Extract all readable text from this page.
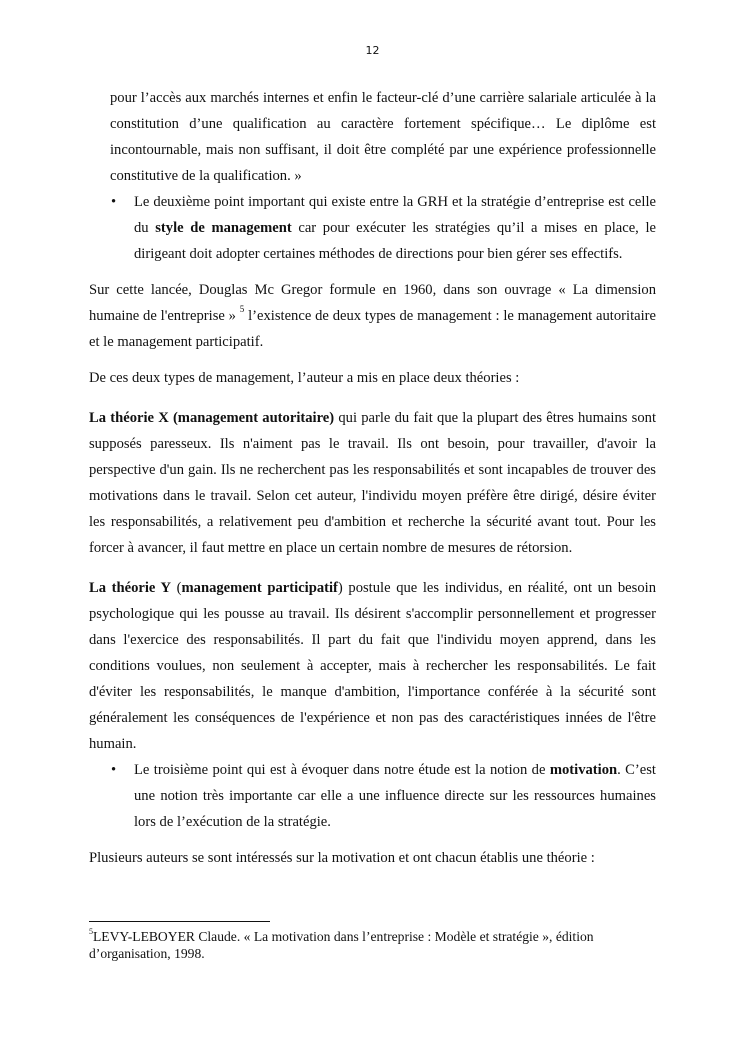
12

pour l’accès aux marchés internes et enfin le facteur-clé d’une carrière salariale articulée à la constitution d’une qualification au caractère fortement spécifique… Le diplôme est incontournable, mais non suffisant, il doit être complété par une expérience professionnelle constitutive de la qualification. »

• Le deuxième point important qui existe entre la GRH et la stratégie d’entreprise est celle du style de management car pour exécuter les stratégies qu’il a mises en place, le dirigeant doit adopter certaines méthodes de directions pour bien gérer ses effectifs.

Sur cette lancée, Douglas Mc Gregor formule en 1960, dans son ouvrage « La dimension humaine de l'entreprise » $^5$ l’existence de deux types de management : le management autoritaire et le management participatif.

De ces deux types de management, l’auteur a mis en place deux théories :

La théorie X (management autoritaire) qui parle du fait que la plupart des êtres humains sont supposés paresseux. Ils n'aiment pas le travail. Ils ont besoin, pour travailler, d'avoir la perspective d'un gain. Ils ne recherchent pas les responsabilités et sont incapables de trouver des motivations dans le travail. Selon cet auteur, l'individu moyen préfère être dirigé, désire éviter les responsabilités, a relativement peu d'ambition et recherche la sécurité avant tout. Pour les forcer à avancer, il faut mettre en place un certain nombre de mesures de rétorsion.

La théorie Y (management participatif) postule que les individus, en réalité, ont un besoin psychologique qui les pousse au travail. Ils désirent s'accomplir personnellement et progresser dans l'exercice des responsabilités. Il part du fait que l'individu moyen apprend, dans les conditions voulues, non seulement à accepter, mais à rechercher les responsabilités. Le fait d'éviter les responsabilités, le manque d'ambition, l'importance conférée à la sécurité sont généralement les conséquences de l'expérience et non pas des caractéristiques innées de l'être humain.

• Le troisième point qui est à évoquer dans notre étude est la notion de motivation. C’est une notion très importante car elle a une influence directe sur les ressources humaines lors de l’exécution de la stratégie.

Plusieurs auteurs se sont intéressés sur la motivation et ont chacun établis une théorie :

$^5$LEVY-LEBOYER Claude. « La motivation dans l’entreprise : Modèle et stratégie », édition d’organisation, 1998.
